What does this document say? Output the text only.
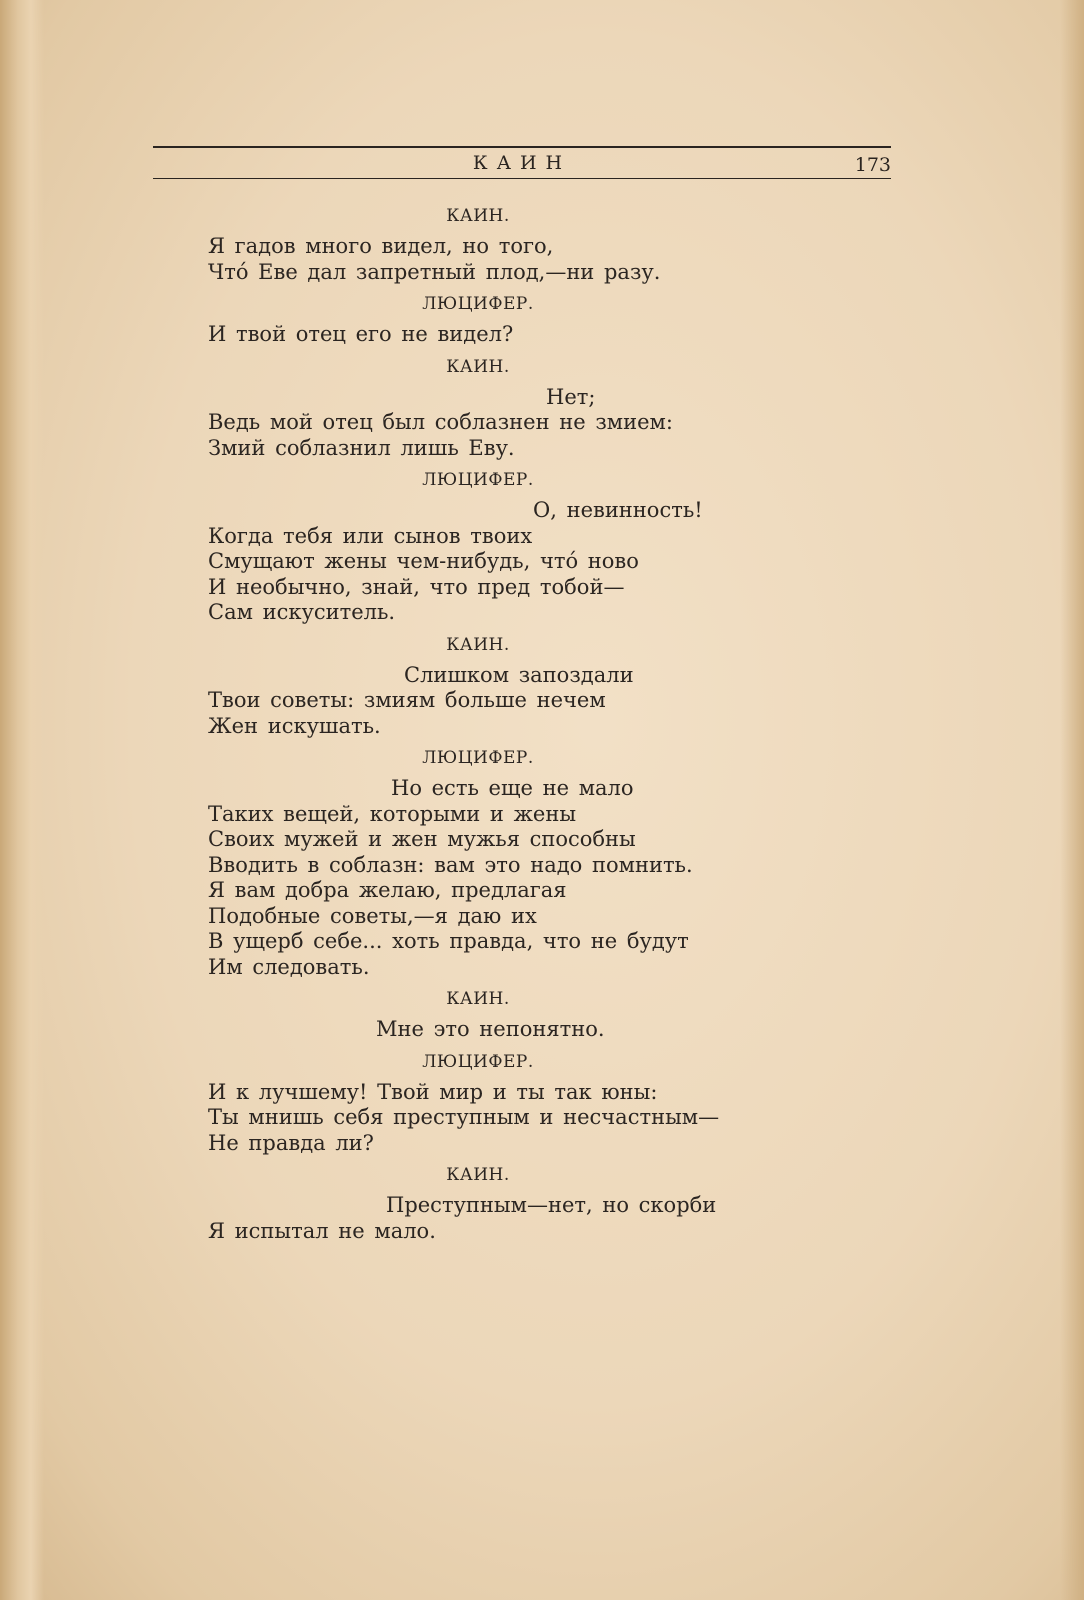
КАИН	173
КАИН.
Я гадов много видел, но того,
Чтó Еве дал запретный плод,—ни разу.
ЛЮЦИФЕР.
И твой отец его не видел?
КАИН.
Нет;
Ведь мой отец был соблазнен не змием:
Змий соблазнил лишь Еву.
ЛЮЦИФЕР.
О, невинность!
Когда тебя или сынов твоих
Смущают жены чем-нибудь, чтó ново
И необычно, знай, что пред тобой—
Сам искуситель.
КАИН.
Слишком запоздали
Твои советы: змиям больше нечем
Жен искушать.
ЛЮЦИФЕР.
Но есть еще не мало
Таких вещей, которыми и жены
Своих мужей и жен мужья способны
Вводить в соблазн: вам это надо помнить.
Я вам добра желаю, предлагая
Подобные советы,—я даю их
В ущерб себе... хоть правда, что не будут
Им следовать.
КАИН.
Мне это непонятно.
ЛЮЦИФЕР.
И к лучшему! Твой мир и ты так юны:
Ты мнишь себя преступным и несчастным—
Не правда ли?
КАИН.
Преступным—нет, но скорби
Я испытал не мало.
